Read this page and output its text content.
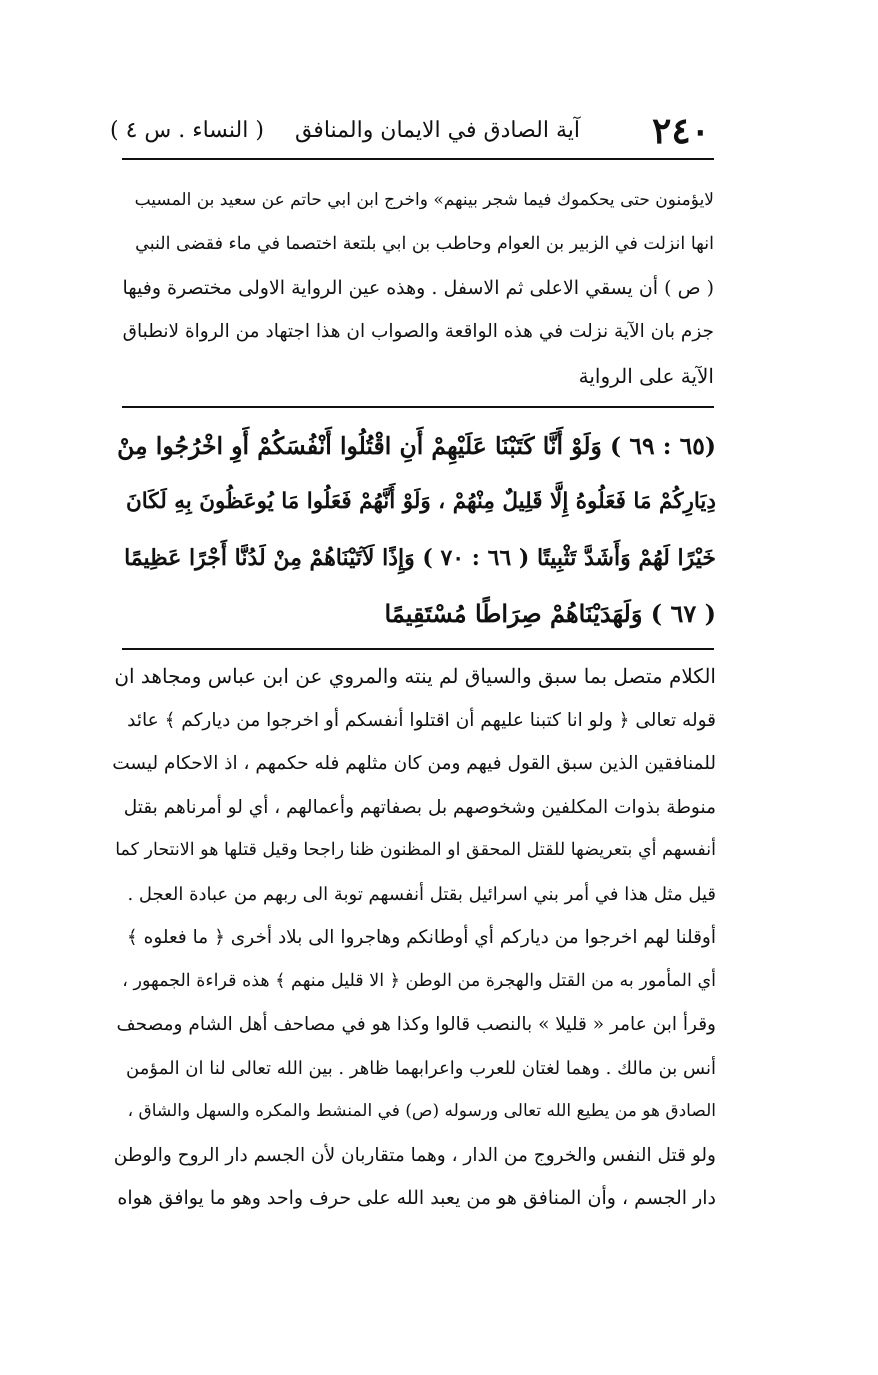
٢٤٠
آية الصادق في الايمان والمنافق
( النساء . س ٤ )

لايؤمنون حتى يحكموك فيما شجر بينهم» واخرج ابن ابي حاتم عن سعيد بن المسيب

انها انزلت في الزبير بن العوام وحاطب بن ابي بلتعة اختصما في ماء فقضى النبي

( ص ) أن يسقي الاعلى ثم الاسفل . وهذه عين الرواية الاولى مختصرة وفيها

جزم بان الآية نزلت في هذه الواقعة والصواب ان هذا اجتهاد من الرواة لانطباق

الآية على الرواية

(٦٥ : ٦٩ ) وَلَوْ أَنَّا كَتَبْنَا عَلَيْهِمْ أَنِ اقْتُلُوا أَنْفُسَكُمْ أَوِ اخْرُجُوا مِنْ

دِيَارِكُمْ مَا فَعَلُوهُ إِلَّا قَلِيلٌ مِنْهُمْ ، وَلَوْ أَنَّهُمْ فَعَلُوا مَا يُوعَظُونَ بِهِ لَكَانَ

خَيْرًا لَهُمْ وَأَشَدَّ تَثْبِيتًا ( ٦٦ : ٧٠ ) وَإِذًا لَآتَيْنَاهُمْ مِنْ لَدُنَّا أَجْرًا عَظِيمًا

( ٦٧ ) وَلَهَدَيْنَاهُمْ صِرَاطًا مُسْتَقِيمًا

الكلام متصل بما سبق والسياق لم ينته والمروي عن ابن عباس ومجاهد ان

قوله تعالى ﴿ ولو انا كتبنا عليهم أن اقتلوا أنفسكم أو اخرجوا من دياركم ﴾ عائد

للمنافقين الذين سبق القول فيهم ومن كان مثلهم فله حكمهم ، اذ الاحكام ليست

منوطة بذوات المكلفين وشخوصهم بل بصفاتهم وأعمالهم ، أي لو أمرناهم بقتل

أنفسهم أي بتعريضها للقتل المحقق او المظنون ظنا راجحا وقيل قتلها هو الانتحار كما

قيل مثل هذا في أمر بني اسرائيل بقتل أنفسهم توبة الى ربهم من عبادة العجل .

أوقلنا لهم اخرجوا من دياركم أي أوطانكم وهاجروا الى بلاد أخرى ﴿ ما فعلوه ﴾

أي المأمور به من القتل والهجرة من الوطن ﴿ الا قليل منهم ﴾ هذه قراءة الجمهور ،

وقرأ ابن عامر « قليلا » بالنصب قالوا وكذا هو في مصاحف أهل الشام ومصحف

أنس بن مالك . وهما لغتان للعرب واعرابهما ظاهر . بين الله تعالى لنا ان المؤمن

الصادق هو من يطيع الله تعالى ورسوله (ص) في المنشط والمكره والسهل والشاق ،

ولو قتل النفس والخروج من الدار ، وهما متقاربان لأن الجسم دار الروح والوطن

دار الجسم ، وأن المنافق هو من يعبد الله على حرف واحد وهو ما يوافق هواه
